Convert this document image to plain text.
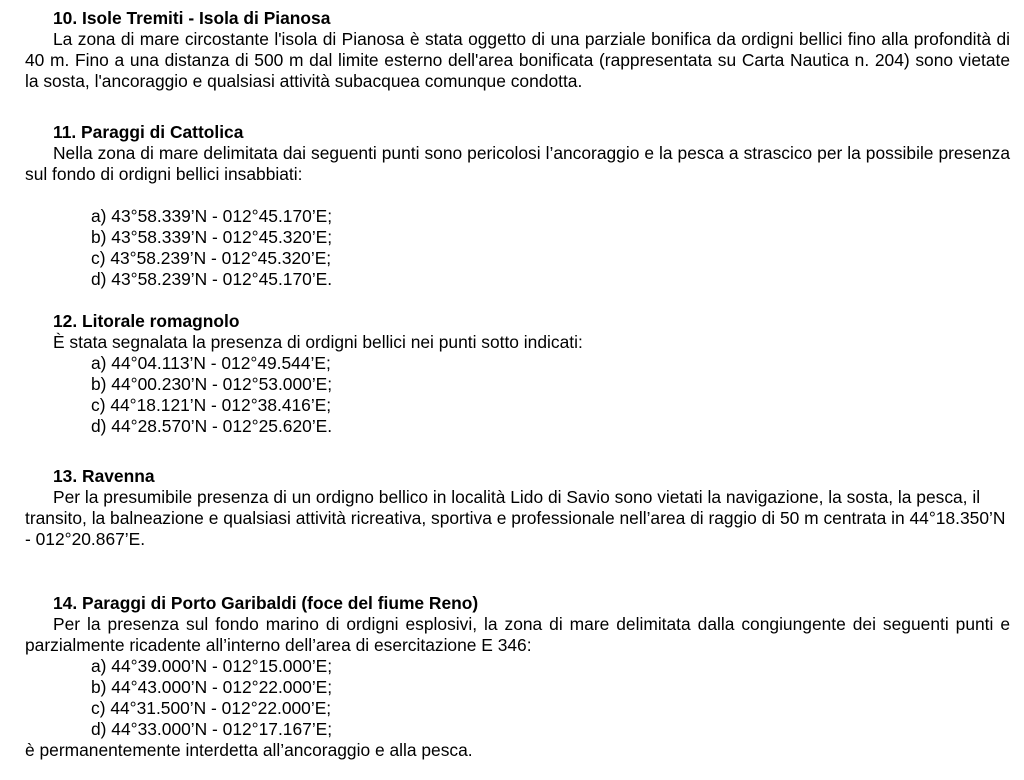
10. Isole Tremiti - Isola di Pianosa
La zona di mare circostante l'isola di Pianosa è stata oggetto di una parziale bonifica da ordigni bellici fino alla profondità di 40 m. Fino a una distanza di 500 m dal limite esterno dell'area bonificata (rappresentata su Carta Nautica n. 204) sono vietate la sosta, l'ancoraggio e qualsiasi attività subacquea comunque condotta.
11. Paraggi di Cattolica
Nella zona di mare delimitata dai seguenti punti sono pericolosi l’ancoraggio e la pesca a strascico per la possibile presenza sul fondo di ordigni bellici insabbiati:
a) 43°58.339’N - 012°45.170’E;
b) 43°58.339’N - 012°45.320’E;
c) 43°58.239’N - 012°45.320’E;
d) 43°58.239’N - 012°45.170’E.
12. Litorale romagnolo
È stata segnalata la presenza di ordigni bellici nei punti sotto indicati:
a) 44°04.113’N - 012°49.544’E;
b) 44°00.230’N - 012°53.000’E;
c) 44°18.121’N - 012°38.416’E;
d) 44°28.570’N - 012°25.620’E.
13. Ravenna
Per la presumibile presenza di un ordigno bellico in località Lido di Savio sono vietati la navigazione, la sosta, la pesca, il transito, la balneazione e qualsiasi attività ricreativa, sportiva e professionale nell’area di raggio di 50 m centrata in 44°18.350’N - 012°20.867’E.
14. Paraggi di Porto Garibaldi (foce del fiume Reno)
Per la presenza sul fondo marino di ordigni esplosivi, la zona di mare delimitata dalla congiungente dei seguenti punti e parzialmente ricadente all’interno dell’area di esercitazione E 346:
a) 44°39.000’N - 012°15.000’E;
b) 44°43.000’N - 012°22.000’E;
c) 44°31.500’N - 012°22.000’E;
d) 44°33.000’N - 012°17.167’E;
è permanentemente interdetta all’ancoraggio e alla pesca.
